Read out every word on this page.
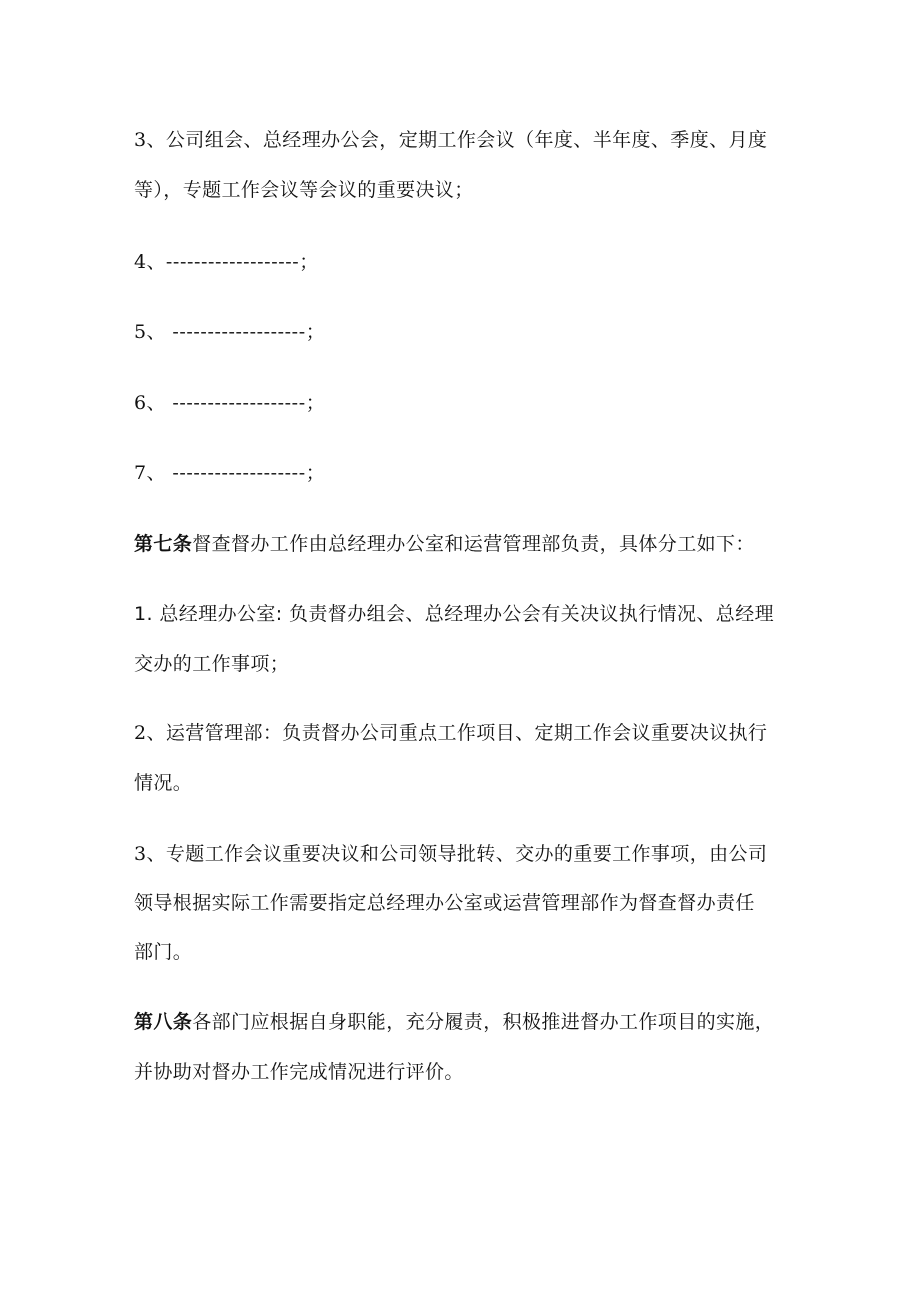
3、公司组会、总经理办公会，定期工作会议（年度、半年度、季度、月度
等），专题工作会议等会议的重要决议；
4、-------------------；
5、 -------------------；
6、 -------------------；
7、 -------------------；
第七条督查督办工作由总经理办公室和运营管理部负责，具体分工如下：
1. 总经理办公室: 负责督办组会、总经理办公会有关决议执行情况、总经理
交办的工作事项；
2、运营管理部：负责督办公司重点工作项目、定期工作会议重要决议执行
情况。
3、专题工作会议重要决议和公司领导批转、交办的重要工作事项，由公司
领导根据实际工作需要指定总经理办公室或运营管理部作为督查督办责任
部门。
第八条各部门应根据自身职能，充分履责，积极推进督办工作项目的实施，
并协助对督办工作完成情况进行评价。
